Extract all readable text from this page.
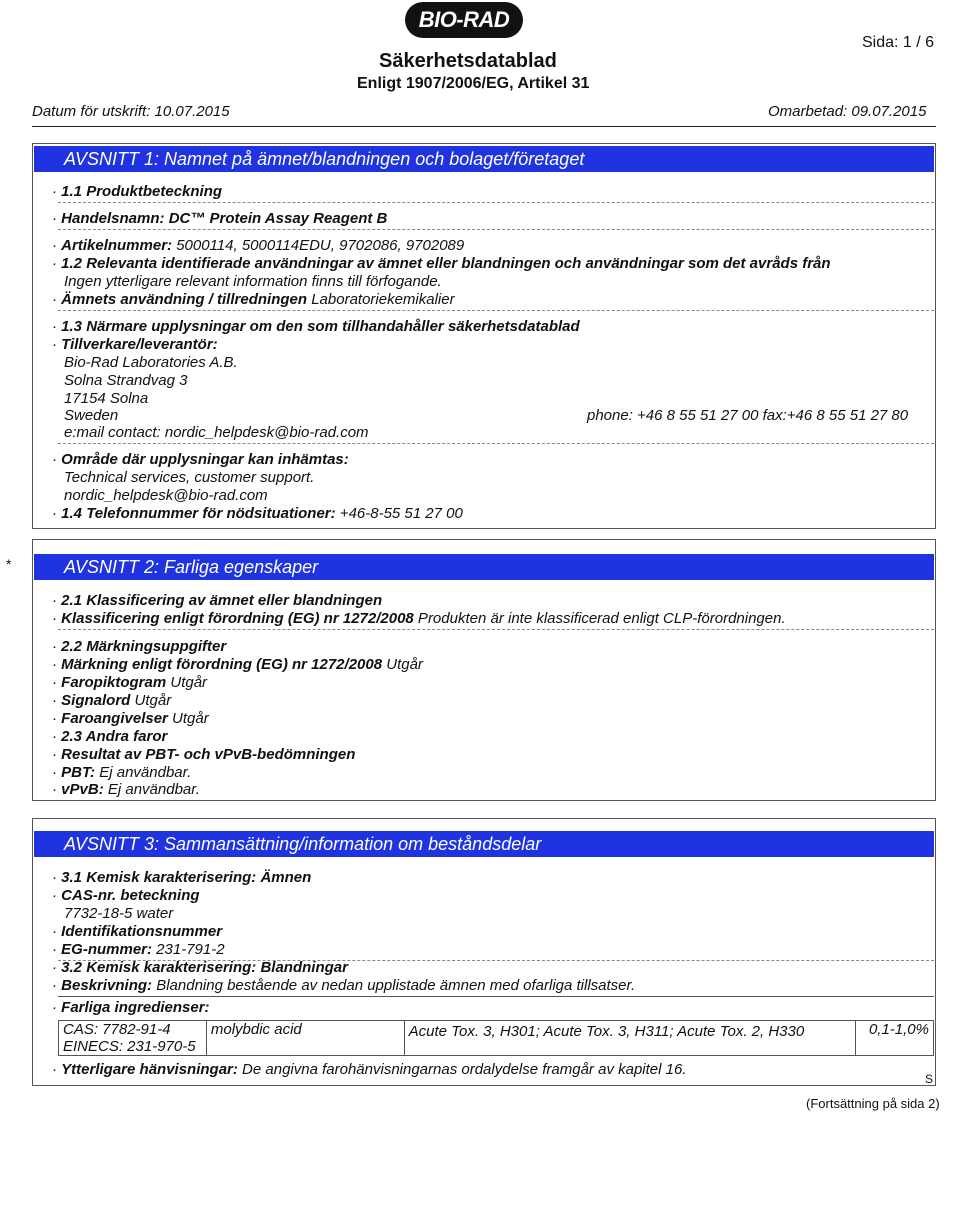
BIO-RAD
Sida: 1 / 6
Säkerhetsdatablad
Enligt 1907/2006/EG, Artikel 31
Datum för utskrift: 10.07.2015	Omarbetad: 09.07.2015
AVSNITT 1: Namnet på ämnet/blandningen och bolaget/företaget
· 1.1 Produktbeteckning
· Handelsnamn: DC™ Protein Assay Reagent B
· Artikelnummer: 5000114, 5000114EDU, 9702086, 9702089
· 1.2 Relevanta identifierade användningar av ämnet eller blandningen och användningar som det avråds från
Ingen ytterligare relevant information finns till förfogande.
· Ämnets användning / tillredningen Laboratoriekemikalier
· 1.3 Närmare upplysningar om den som tillhandahåller säkerhetsdatablad
· Tillverkare/leverantör:
Bio-Rad Laboratories A.B.
Solna Strandvag 3
17154 Solna
Sweden	phone: +46 8 55 51 27 00 fax:+46 8 55 51 27 80
e:mail contact: nordic_helpdesk@bio-rad.com
· Område där upplysningar kan inhämtas:
Technical services, customer support.
nordic_helpdesk@bio-rad.com
· 1.4 Telefonnummer för nödsituationer: +46-8-55 51 27 00
*	AVSNITT 2: Farliga egenskaper
· 2.1 Klassificering av ämnet eller blandningen
· Klassificering enligt förordning (EG) nr 1272/2008 Produkten är inte klassificerad enligt CLP-förordningen.
· 2.2 Märkningsuppgifter
· Märkning enligt förordning (EG) nr 1272/2008 Utgår
· Faropiktogram Utgår
· Signalord Utgår
· Faroangivelser Utgår
· 2.3 Andra faror
· Resultat av PBT- och vPvB-bedömningen
· PBT: Ej användbar.
· vPvB: Ej användbar.
AVSNITT 3: Sammansättning/information om beståndsdelar
· 3.1 Kemisk karakterisering: Ämnen
· CAS-nr. beteckning
7732-18-5 water
· Identifikationsnummer
· EG-nummer: 231-791-2
· 3.2 Kemisk karakterisering: Blandningar
· Beskrivning: Blandning bestående av nedan upplistade ämnen med ofarliga tillsatser.
· Farliga ingredienser:
CAS: 7782-91-4
EINECS: 231-970-5
	molybdic acid	Acute Tox. 3, H301; Acute Tox. 3, H311; Acute Tox. 2, H330	0,1-1,0%
· Ytterligare hänvisningar: De angivna farohänvisningarnas ordalydelse framgår av kapitel 16.
S
(Fortsättning på sida 2)
